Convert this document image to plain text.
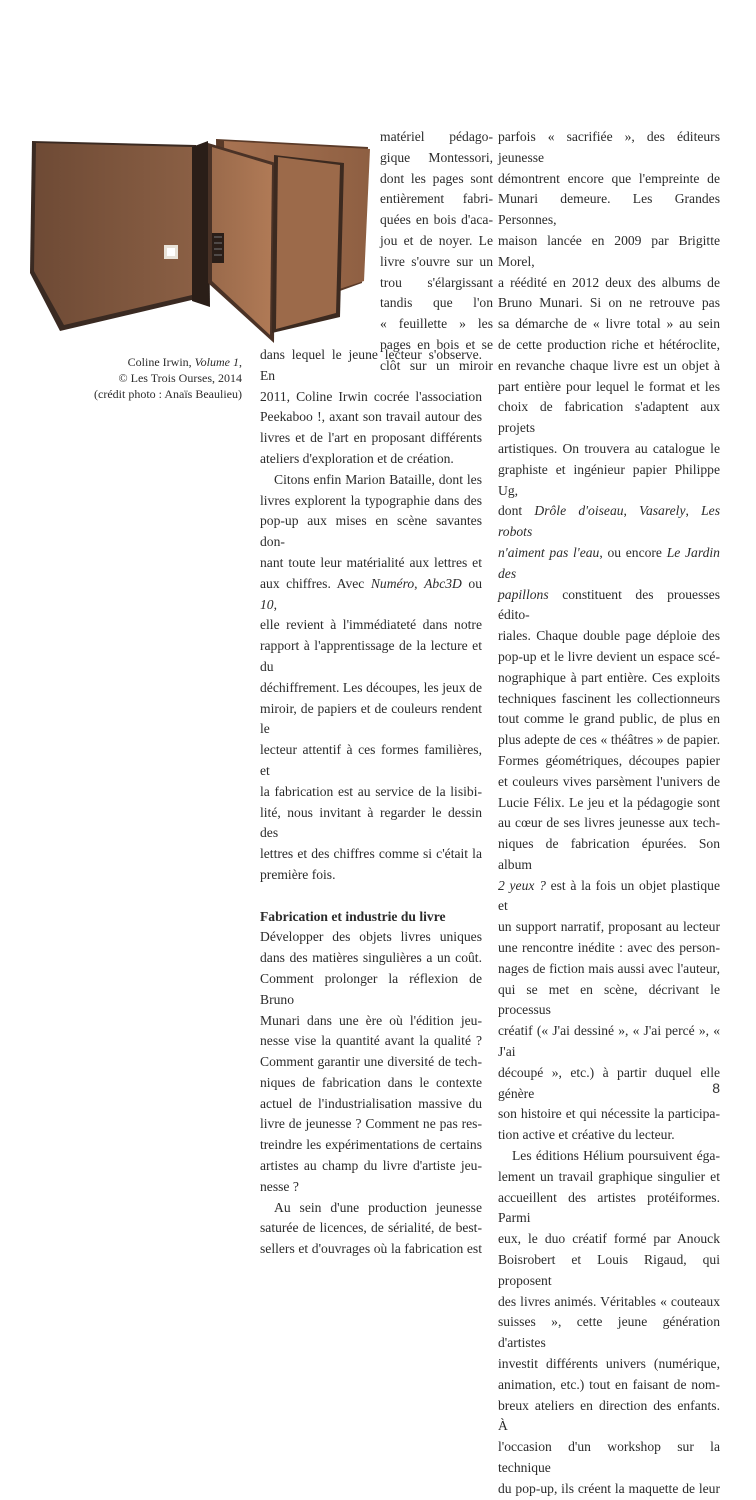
Coline Irwin, Volume 1,
© Les Trois Ourses, 2014
(crédit photo : Anaïs Beaulieu)

matériel pédago-

gique Montessori,

dont les pages sont

entièrement fabri-

quées en bois d'aca-

jou et de noyer. Le

livre s'ouvre sur un

trou s'élargissant

tandis que l'on

« feuillette » les

pages en bois et se

clôt sur un miroir

dans lequel le jeune lecteur s'observe. En

2011, Coline Irwin cocrée l'association

Peekaboo !, axant son travail autour des

livres et de l'art en proposant différents

ateliers d'exploration et de création.

Citons enfin Marion Bataille, dont les

livres explorent la typographie dans des

pop-up aux mises en scène savantes don-

nant toute leur matérialité aux lettres et

aux chiffres. Avec Numéro, Abc3D ou 10,

elle revient à l'immédiateté dans notre

rapport à l'apprentissage de la lecture et du

déchiffrement. Les découpes, les jeux de

miroir, de papiers et de couleurs rendent le

lecteur attentif à ces formes familières, et

la fabrication est au service de la lisibi-

lité, nous invitant à regarder le dessin des

lettres et des chiffres comme si c'était la

première fois.

Fabrication et industrie du livre

Développer des objets livres uniques

dans des matières singulières a un coût.

Comment prolonger la réflexion de Bruno

Munari dans une ère où l'édition jeu-

nesse vise la quantité avant la qualité ?

Comment garantir une diversité de tech-

niques de fabrication dans le contexte

actuel de l'industrialisation massive du

livre de jeunesse ? Comment ne pas res-

treindre les expérimentations de certains

artistes au champ du livre d'artiste jeu-

nesse ?

Au sein d'une production jeunesse

saturée de licences, de sérialité, de best-

sellers et d'ouvrages où la fabrication est

parfois « sacrifiée », des éditeurs jeunesse

démontrent encore que l'empreinte de

Munari demeure. Les Grandes Personnes,

maison lancée en 2009 par Brigitte Morel,

a réédité en 2012 deux des albums de

Bruno Munari. Si on ne retrouve pas

sa démarche de « livre total » au sein

de cette production riche et hétéroclite,

en revanche chaque livre est un objet à

part entière pour lequel le format et les

choix de fabrication s'adaptent aux projets

artistiques. On trouvera au catalogue le

graphiste et ingénieur papier Philippe Ug,

dont Drôle d'oiseau, Vasarely, Les robots

n'aiment pas l'eau, ou encore Le Jardin des

papillons constituent des prouesses édito-

riales. Chaque double page déploie des

pop-up et le livre devient un espace scé-

nographique à part entière. Ces exploits

techniques fascinent les collectionneurs

tout comme le grand public, de plus en

plus adepte de ces « théâtres » de papier.

Formes géométriques, découpes papier

et couleurs vives parsèment l'univers de

Lucie Félix. Le jeu et la pédagogie sont

au cœur de ses livres jeunesse aux tech-

niques de fabrication épurées. Son album

2 yeux ? est à la fois un objet plastique et

un support narratif, proposant au lecteur

une rencontre inédite : avec des person-

nages de fiction mais aussi avec l'auteur,

qui se met en scène, décrivant le processus

créatif (« J'ai dessiné », « J'ai percé », « J'ai

découpé », etc.) à partir duquel elle génère

son histoire et qui nécessite la participa-

tion active et créative du lecteur.

Les éditions Hélium poursuivent éga-

lement un travail graphique singulier et

accueillent des artistes protéiformes. Parmi

eux, le duo créatif formé par Anouck

Boisrobert et Louis Rigaud, qui proposent

des livres animés. Véritables « couteaux

suisses », cette jeune génération d'artistes

investit différents univers (numérique,

animation, etc.) tout en faisant de nom-

breux ateliers en direction des enfants. À

l'occasion d'un workshop sur la technique

du pop-up, ils créent la maquette de leur

8
